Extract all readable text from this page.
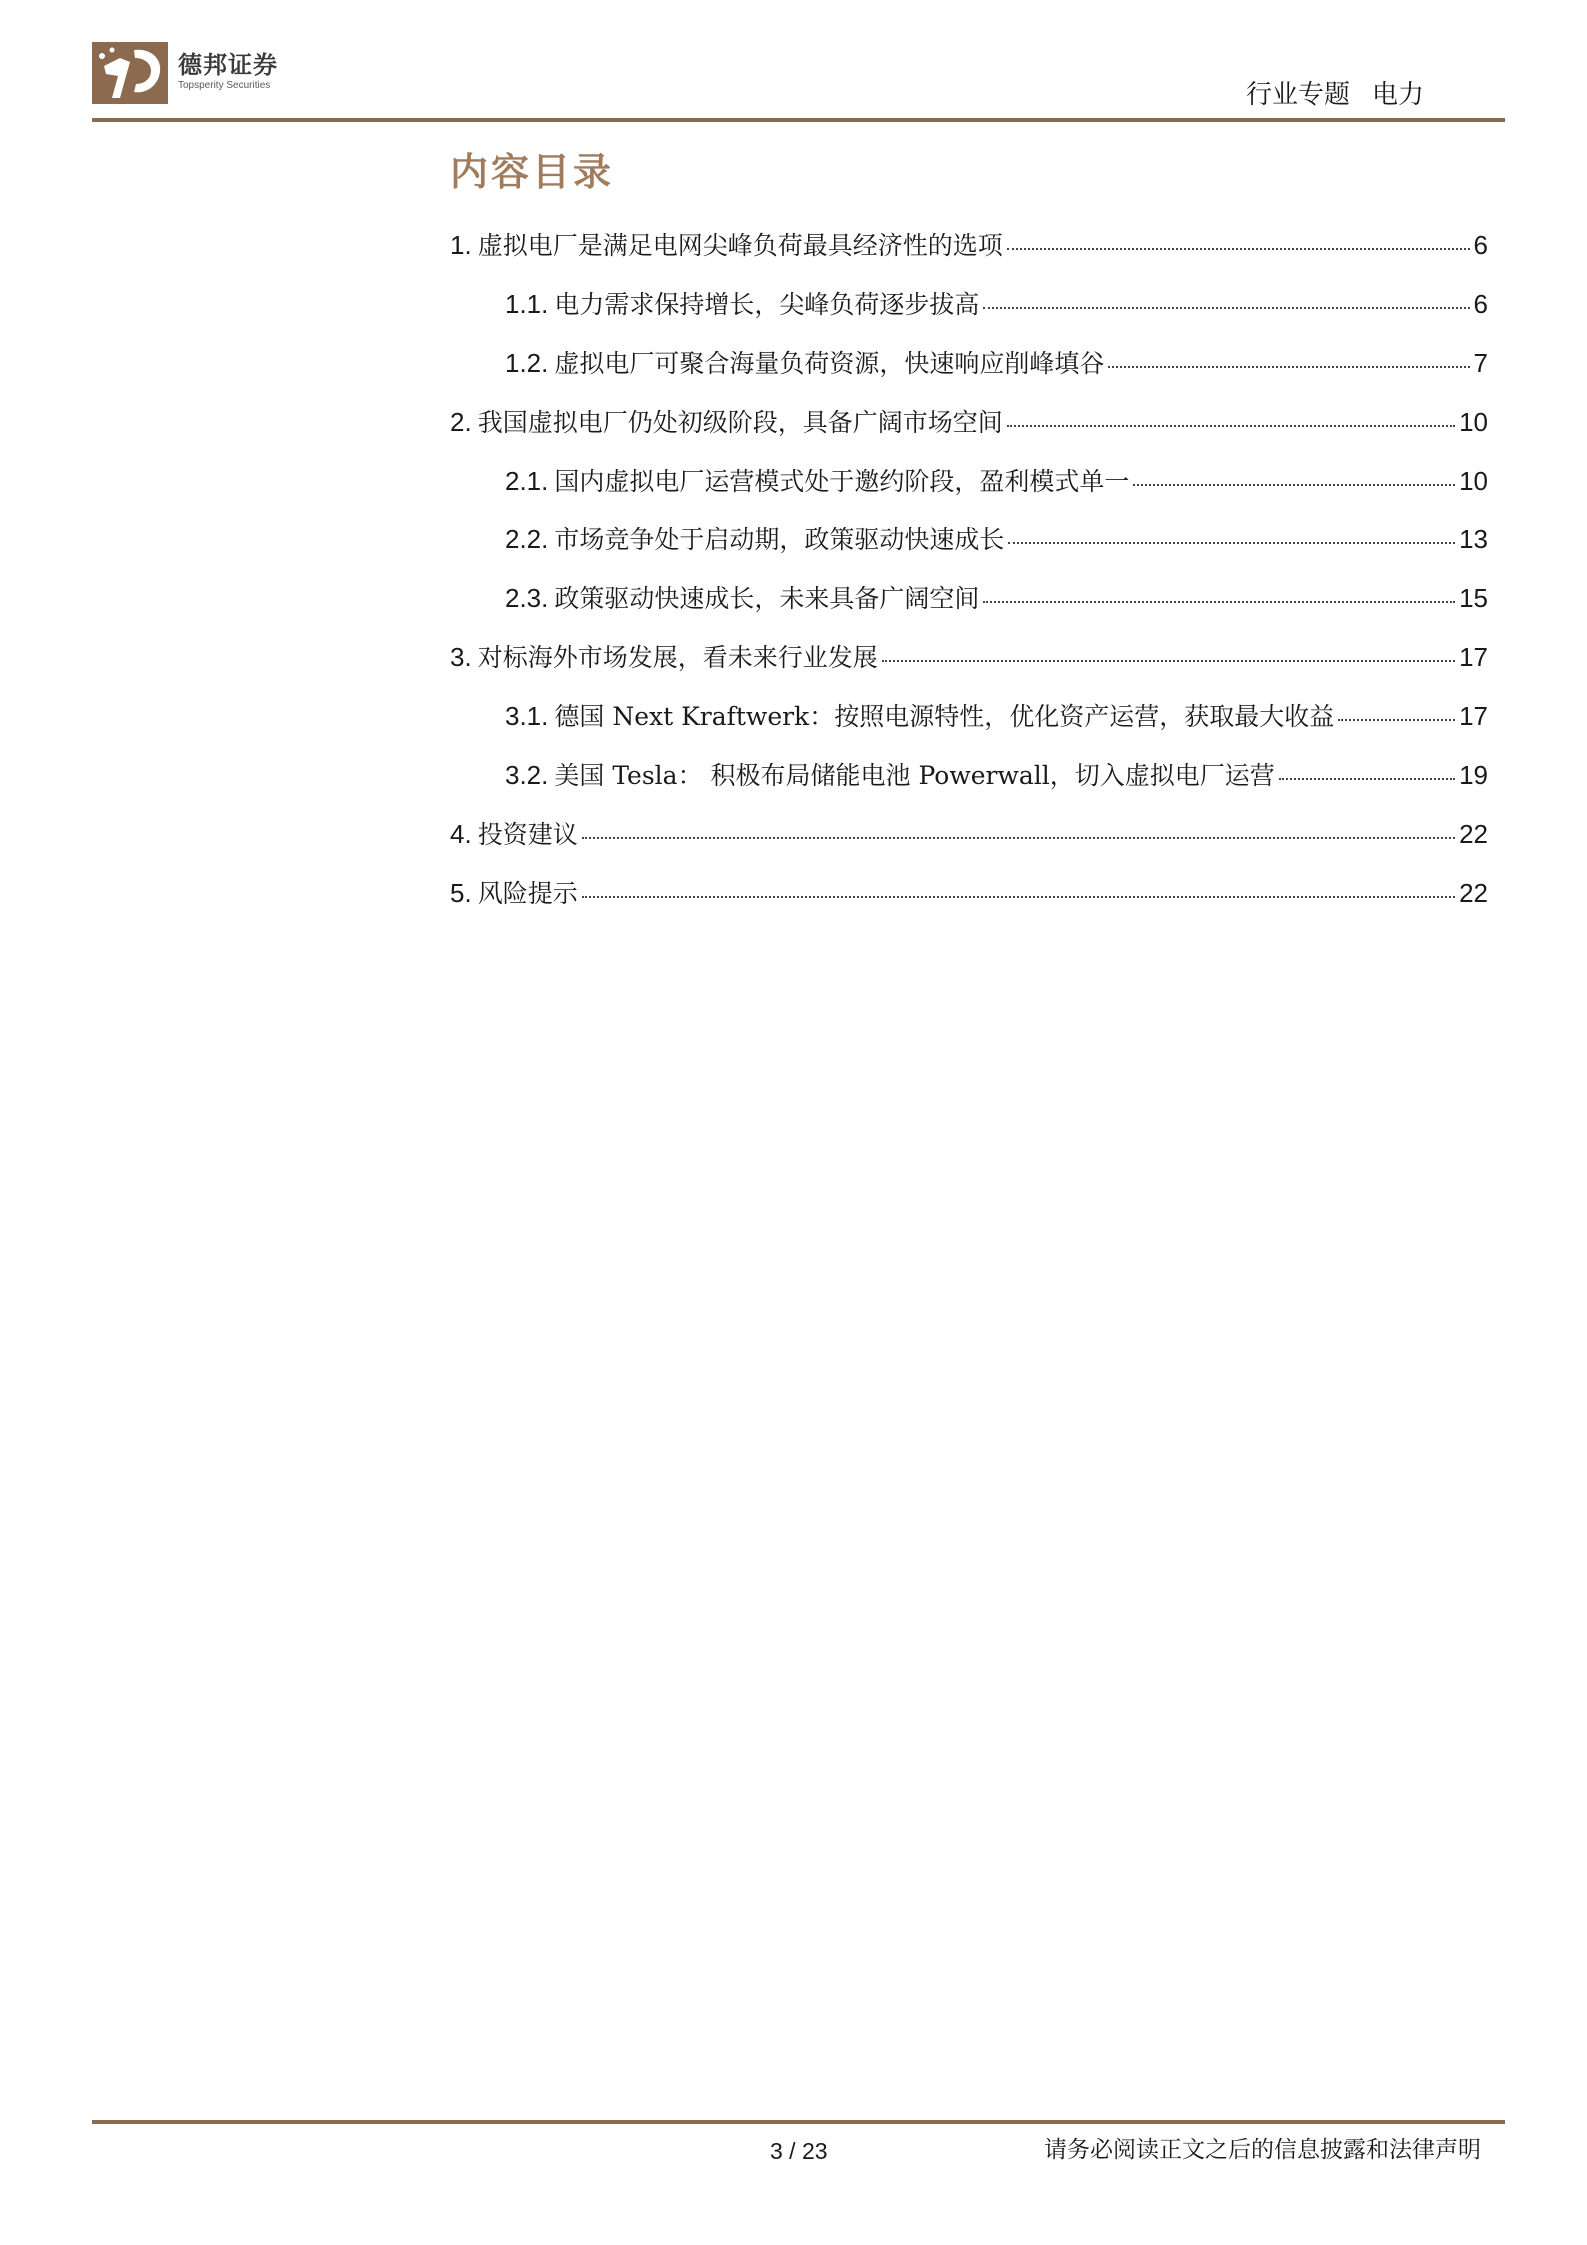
德邦证券
Topsperity Securities	行业专题 电力
内容目录
1. 虚拟电厂是满足电网尖峰负荷最具经济性的选项	6
1.1. 电力需求保持增长，尖峰负荷逐步拔高	6
1.2. 虚拟电厂可聚合海量负荷资源，快速响应削峰填谷	7
2. 我国虚拟电厂仍处初级阶段，具备广阔市场空间	10
2.1. 国内虚拟电厂运营模式处于邀约阶段，盈利模式单一	10
2.2. 市场竞争处于启动期，政策驱动快速成长	13
2.3. 政策驱动快速成长，未来具备广阔空间	15
3. 对标海外市场发展，看未来行业发展	17
3.1. 德国 Next Kraftwerk：按照电源特性，优化资产运营，获取最大收益	17
3.2. 美国 Tesla： 积极布局储能电池 Powerwall，切入虚拟电厂运营	19
4. 投资建议	22
5. 风险提示	22
3 / 23	请务必阅读正文之后的信息披露和法律声明
